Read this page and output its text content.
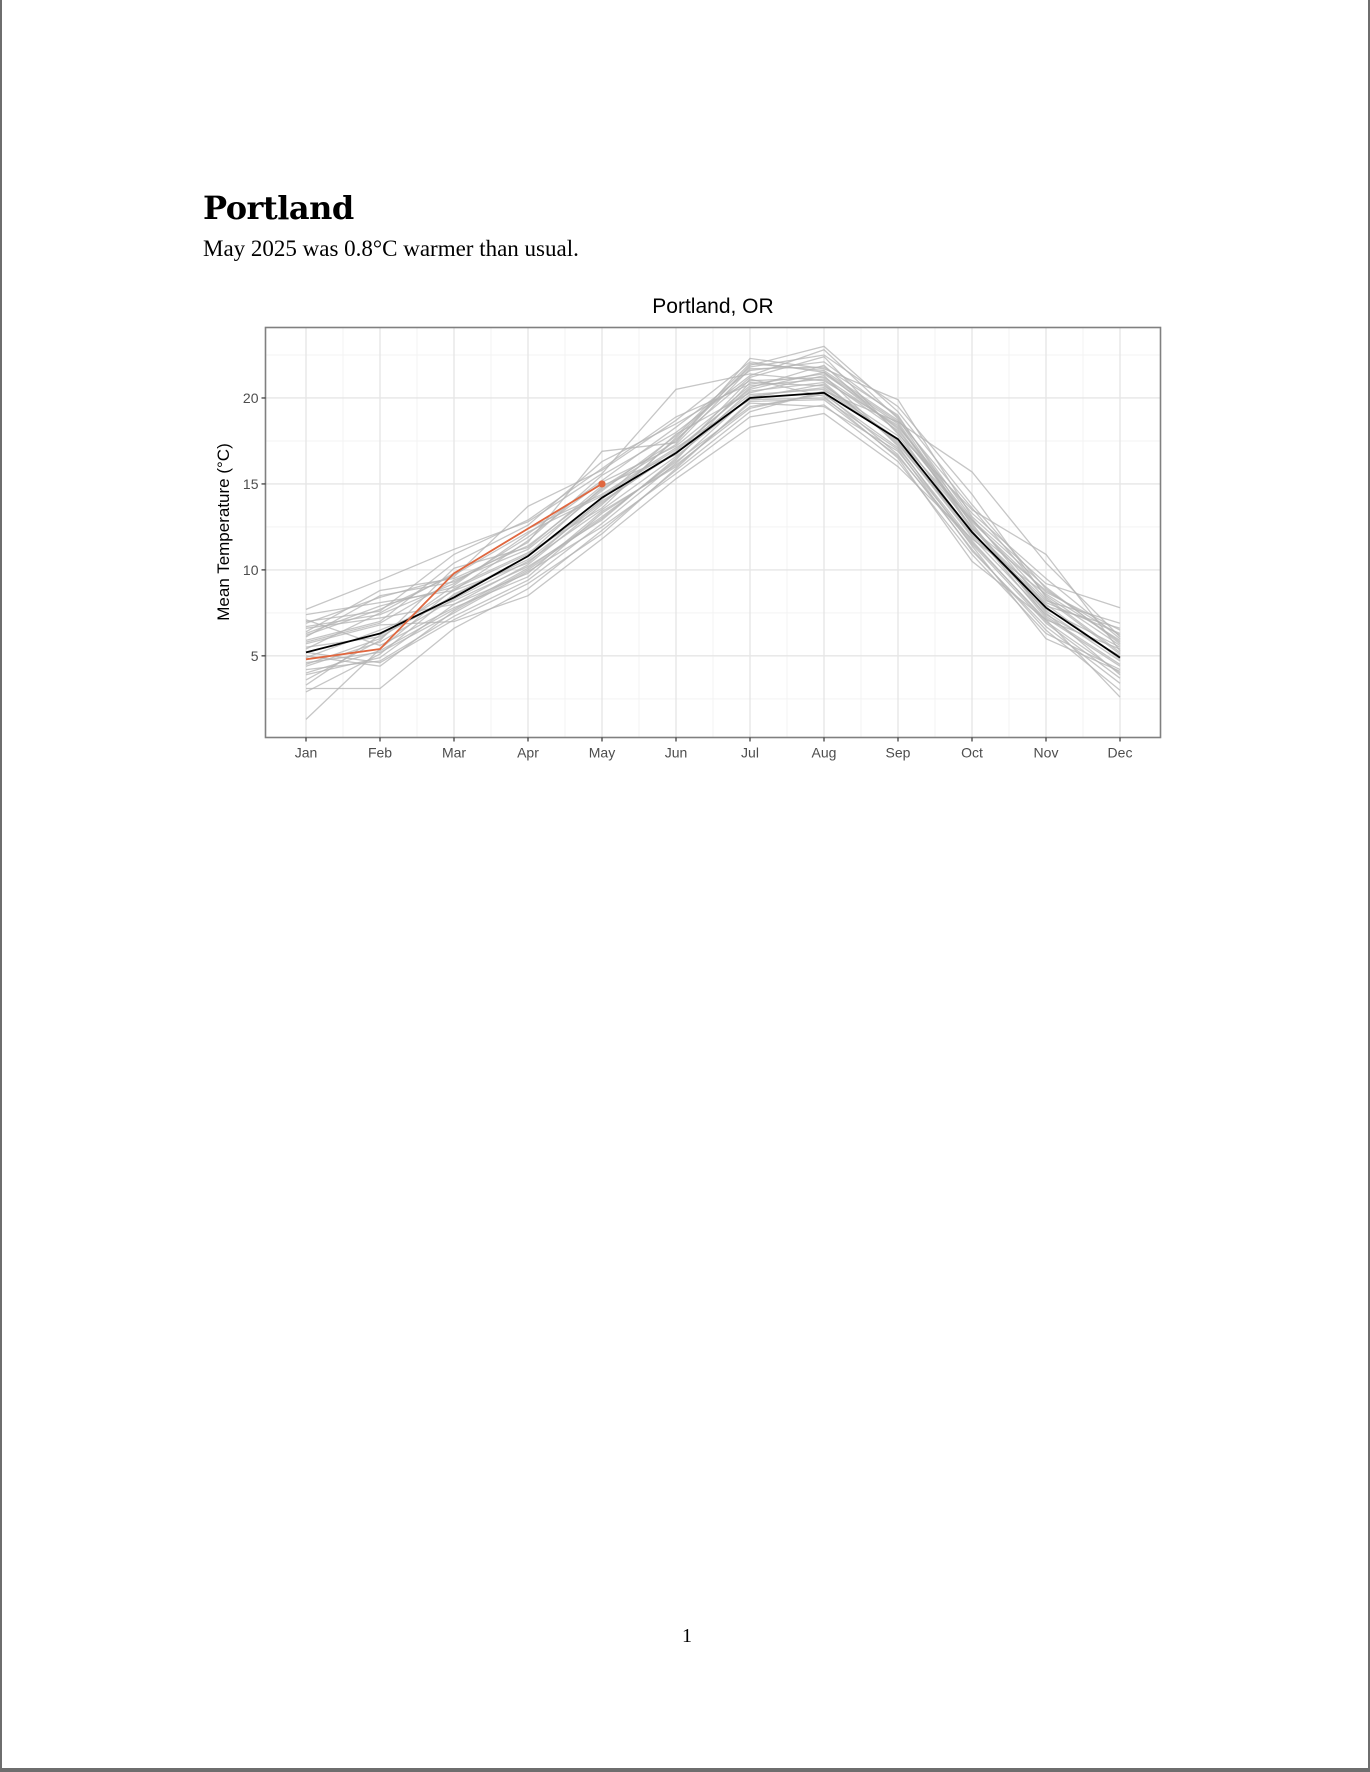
Portland

May 2025 was 0.8°C warmer than usual.

Portland, OR
Mean Temperature (°C)
5
10
15
20
Jan	Feb	Mar	Apr	May	Jun	Jul	Aug	Sep	Oct	Nov	Dec
1
